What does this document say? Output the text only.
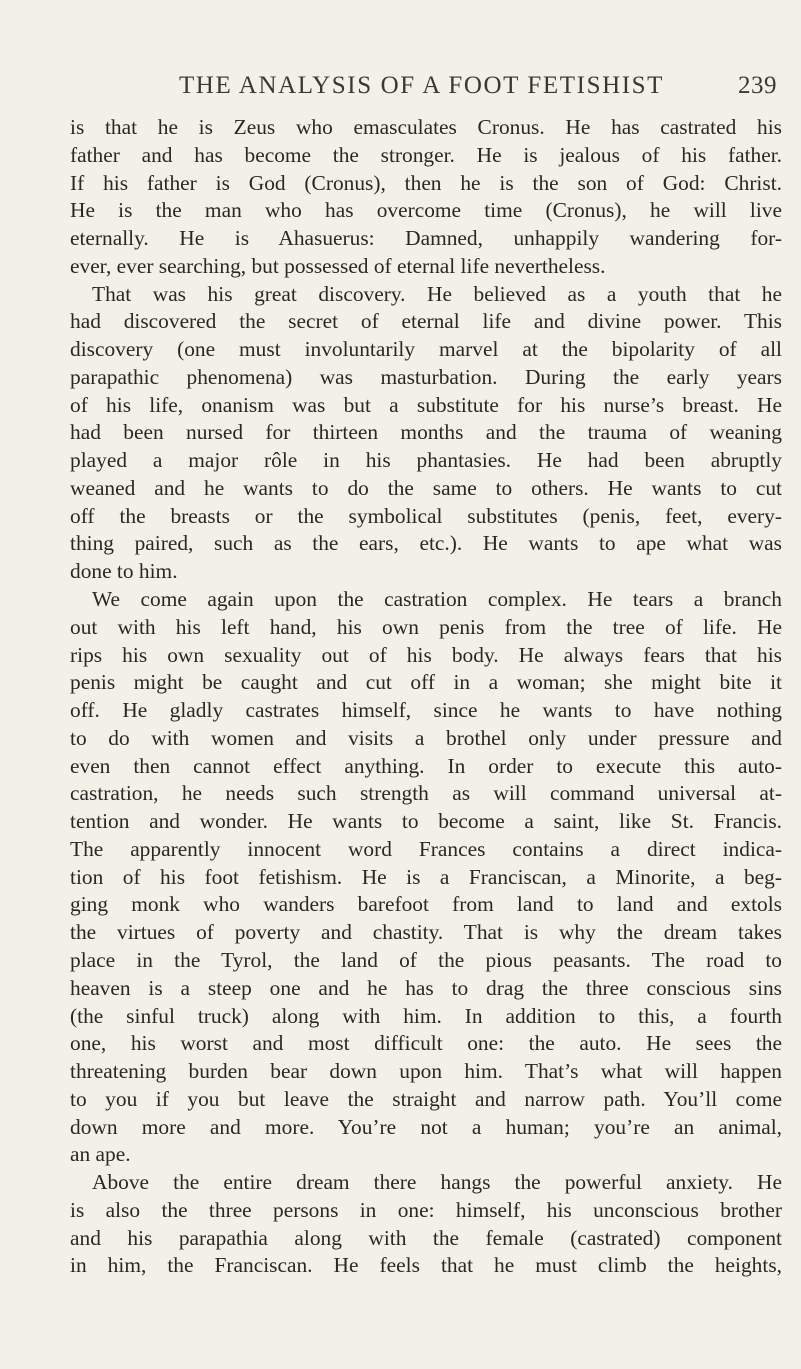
THE ANALYSIS OF A FOOT FETISHIST	239
is that he is Zeus who emasculates Cronus. He has castrated his
father and has become the stronger. He is jealous of his father.
If his father is God (Cronus), then he is the son of God: Christ.
He is the man who has overcome time (Cronus), he will live
eternally. He is Ahasuerus: Damned, unhappily wandering for-
ever, ever searching, but possessed of eternal life nevertheless.
That was his great discovery. He believed as a youth that he
had discovered the secret of eternal life and divine power. This
discovery (one must involuntarily marvel at the bipolarity of all
parapathic phenomena) was masturbation. During the early years
of his life, onanism was but a substitute for his nurse’s breast. He
had been nursed for thirteen months and the trauma of weaning
played a major rôle in his phantasies. He had been abruptly
weaned and he wants to do the same to others. He wants to cut
off the breasts or the symbolical substitutes (penis, feet, every-
thing paired, such as the ears, etc.). He wants to ape what was
done to him.
We come again upon the castration complex. He tears a branch
out with his left hand, his own penis from the tree of life. He
rips his own sexuality out of his body. He always fears that his
penis might be caught and cut off in a woman; she might bite it
off. He gladly castrates himself, since he wants to have nothing
to do with women and visits a brothel only under pressure and
even then cannot effect anything. In order to execute this auto-
castration, he needs such strength as will command universal at-
tention and wonder. He wants to become a saint, like St. Francis.
The apparently innocent word Frances contains a direct indica-
tion of his foot fetishism. He is a Franciscan, a Minorite, a beg-
ging monk who wanders barefoot from land to land and extols
the virtues of poverty and chastity. That is why the dream takes
place in the Tyrol, the land of the pious peasants. The road to
heaven is a steep one and he has to drag the three conscious sins
(the sinful truck) along with him. In addition to this, a fourth
one, his worst and most difficult one: the auto. He sees the
threatening burden bear down upon him. That’s what will happen
to you if you but leave the straight and narrow path. You’ll come
down more and more. You’re not a human; you’re an animal,
an ape.
Above the entire dream there hangs the powerful anxiety. He
is also the three persons in one: himself, his unconscious brother
and his parapathia along with the female (castrated) component
in him, the Franciscan. He feels that he must climb the heights,
